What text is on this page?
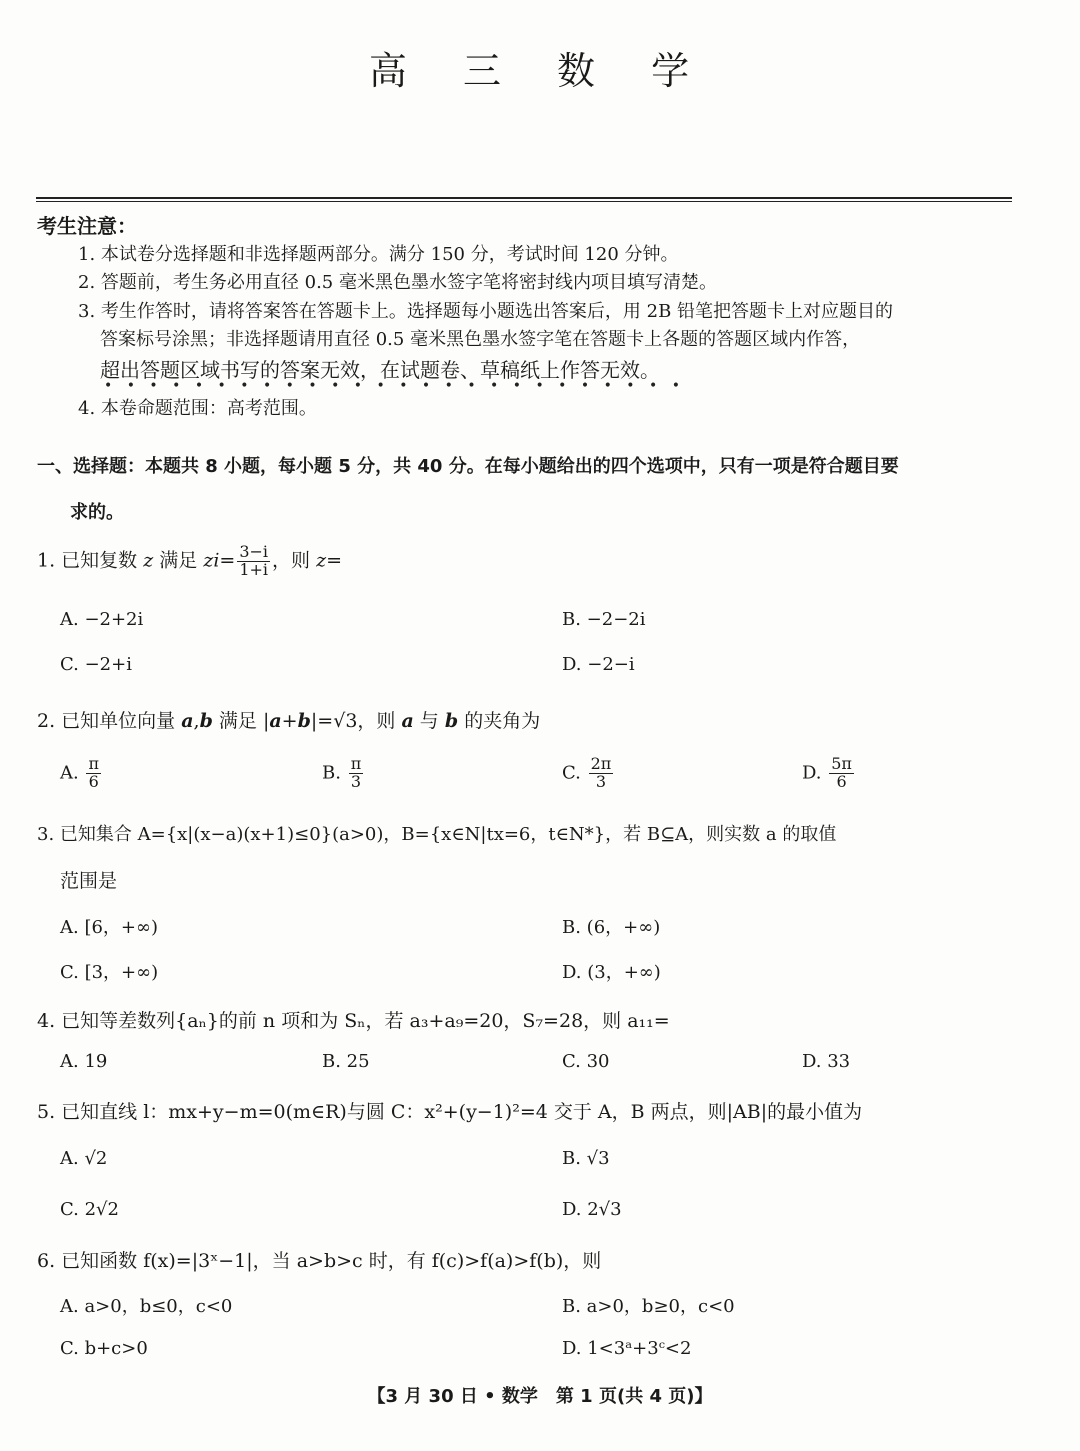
高 三 数 学
考生注意：
1. 本试卷分选择题和非选择题两部分。满分 150 分，考试时间 120 分钟。
2. 答题前，考生务必用直径 0.5 毫米黑色墨水签字笔将密封线内项目填写清楚。
3. 考生作答时，请将答案答在答题卡上。选择题每小题选出答案后，用 2B 铅笔把答题卡上对应题目的
答案标号涂黑；非选择题请用直径 0.5 毫米黑色墨水签字笔在答题卡上各题的答题区域内作答，
超出答题区域书写的答案无效，在试题卷、草稿纸上作答无效。
• • • • • • • • • • • • • • • • • • • • • • • • • •
4. 本卷命题范围：高考范围。
一、选择题：本题共 8 小题，每小题 5 分，共 40 分。在每小题给出的四个选项中，只有一项是符合题目要
求的。
1. 已知复数 z 满足 $zi= \frac{3-i}{1+i}$ ，则 z=
A. −2+2i	B. −2−2i
C. −2+i	D. −2−i
2. 已知单位向量 a,b 满足 |a+b|=√3，则 a 与 b 的夹角为
A. $\frac{\pi}{6}$	B. $\frac{\pi}{3}$	C. $\frac{2\pi}{3}$	D. $\frac{5\pi}{6}$
3. 已知集合 A={x|(x−a)(x+1)≤0}(a>0)，B={x∈N|tx=6，t∈N*}，若 B⊆A，则实数 a 的取值
范围是
A. [6，+∞)	B. (6，+∞)
C. [3，+∞)	D. (3，+∞)
4. 已知等差数列{aₙ}的前 n 项和为 Sₙ，若 a₃+a₉=20，S₇=28，则 a₁₁=
A. 19	B. 25	C. 30	D. 33
5. 已知直线 l：mx+y−m=0(m∈R)与圆 C：x²+(y−1)²=4 交于 A，B 两点，则|AB|的最小值为
A. √2	B. √3
C. 2√2	D. 2√3
6. 已知函数 f(x)=|3ˣ−1|，当 a>b>c 时，有 f(c)>f(a)>f(b)，则
A. a>0，b≤0，c<0	B. a>0，b≥0，c<0
C. b+c>0	D. 1<3ᵃ+3ᶜ<2
【3 月 30 日 • 数学　第 1 页(共 4 页)】
